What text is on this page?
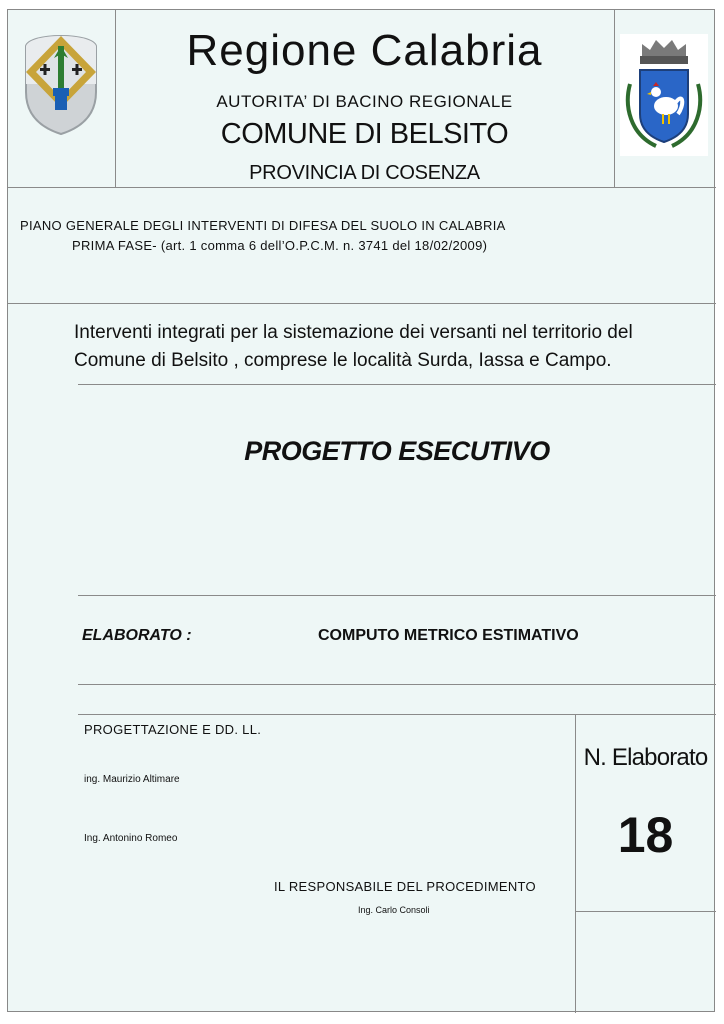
Regione Calabria
AUTORITA’ DI BACINO REGIONALE
COMUNE DI BELSITO
PROVINCIA DI COSENZA
PIANO GENERALE DEGLI INTERVENTI DI DIFESA DEL SUOLO IN CALABRIA
PRIMA FASE- (art. 1 comma 6 dell’O.P.C.M. n. 3741 del 18/02/2009)
Interventi integrati per la sistemazione dei versanti nel territorio del
Comune di Belsito , comprese le località Surda, Iassa e Campo.
PROGETTO ESECUTIVO
ELABORATO :	COMPUTO METRICO ESTIMATIVO
PROGETTAZIONE E DD. LL.
ing. Maurizio Altimare
Ing. Antonino Romeo
IL RESPONSABILE DEL PROCEDIMENTO
Ing. Carlo Consoli
N. Elaborato
18
